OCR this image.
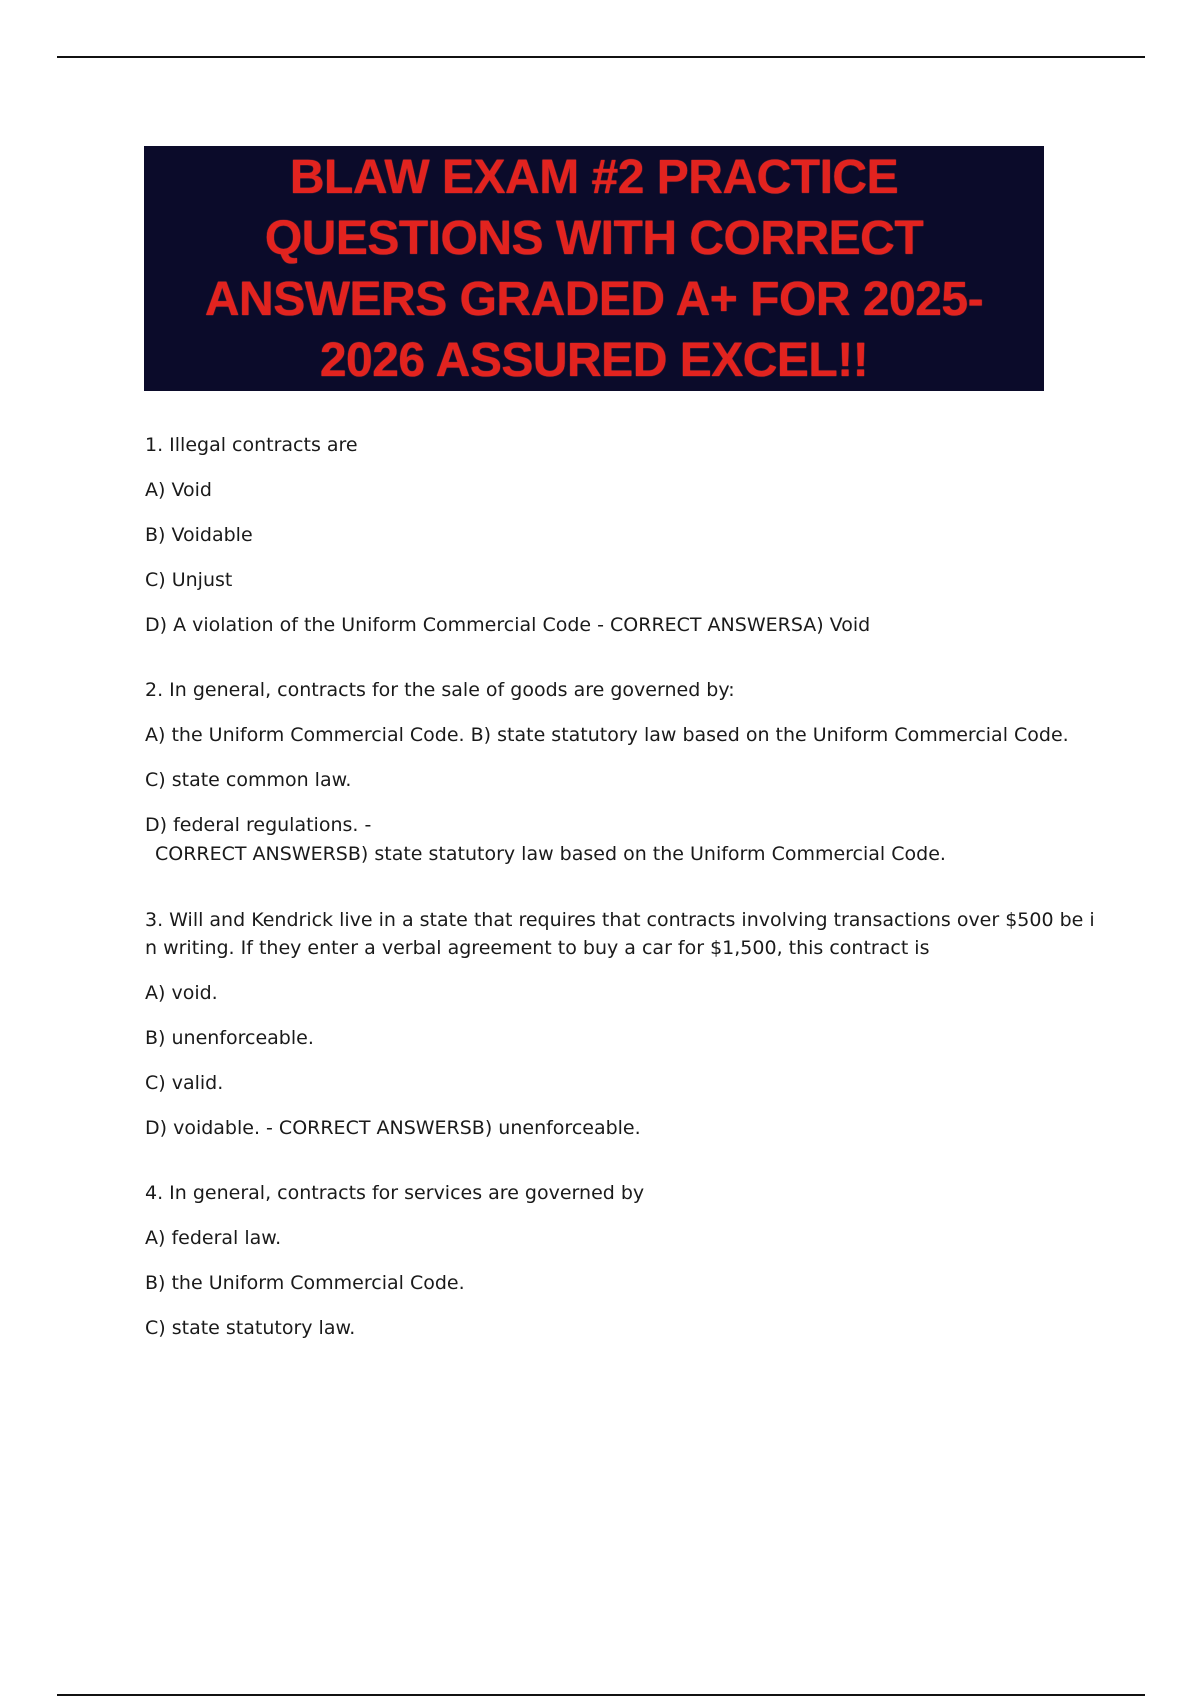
BLAW EXAM #2 PRACTICE
QUESTIONS WITH CORRECT
ANSWERS GRADED A+ FOR 2025-
2026 ASSURED EXCEL!!

1. Illegal contracts are

A) Void

B) Voidable

C) Unjust

D) A violation of the Uniform Commercial Code - CORRECT ANSWERSA) Void

2. In general, contracts for the sale of goods are governed by:

A) the Uniform Commercial Code. B) state statutory law based on the Uniform Commercial Code.

C) state common law.

D) federal regulations. -

CORRECT ANSWERSB) state statutory law based on the Uniform Commercial Code.

3. Will and Kendrick live in a state that requires that contracts involving transactions over $500 be in writing. If they enter a verbal agreement to buy a car for $1,500, this contract is

A) void.

B) unenforceable.

C) valid.

D) voidable. - CORRECT ANSWERSB) unenforceable.

4. In general, contracts for services are governed by

A) federal law.

B) the Uniform Commercial Code.

C) state statutory law.
